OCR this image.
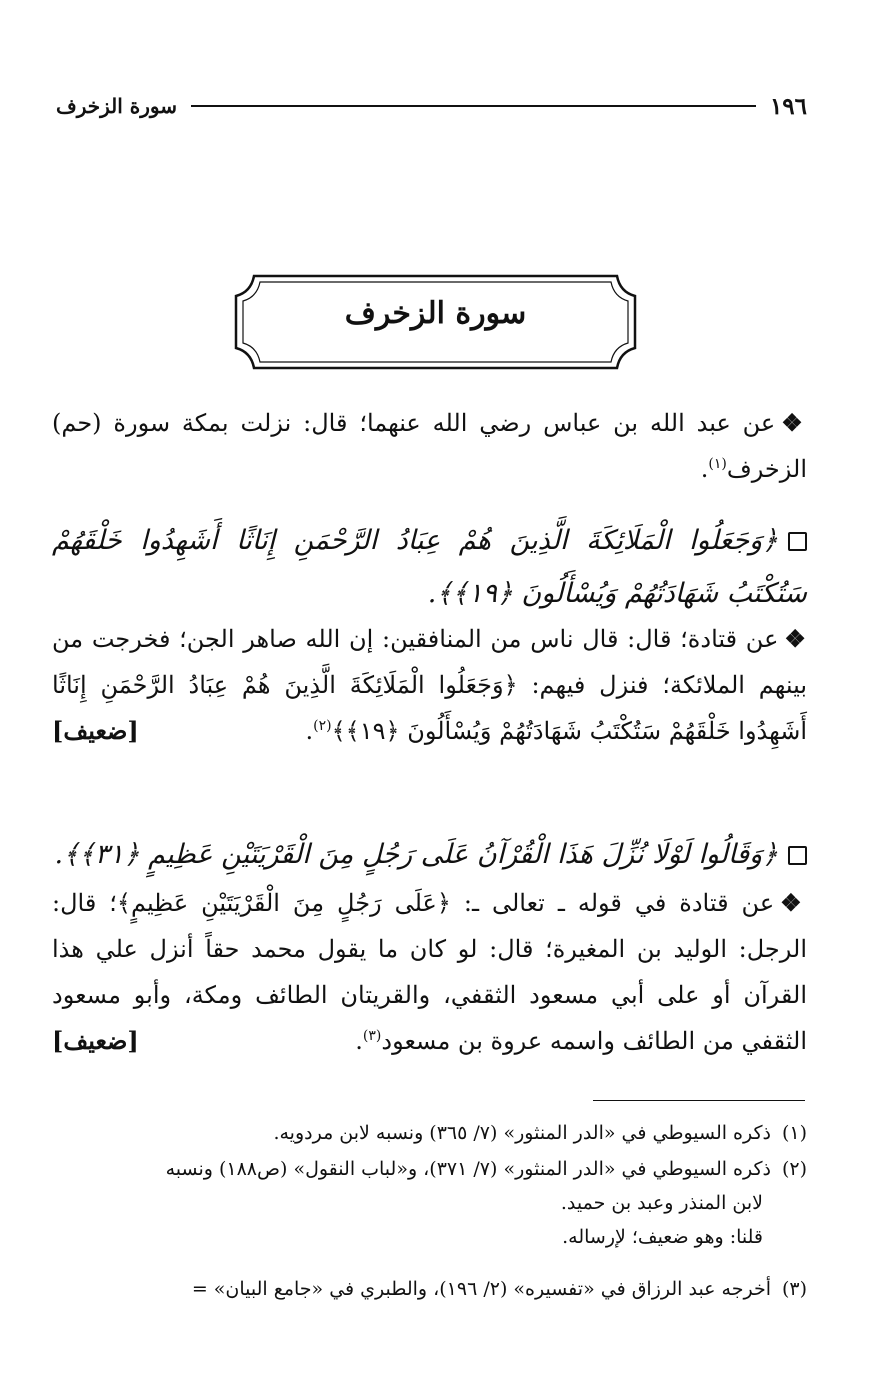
١٩٦
سورة الزخرف
سورة الزخرف
❖عن عبد الله بن عباس رضي الله عنهما؛ قال: نزلت بمكة سورة (حم) الزخرف$^{(١)}$.
﴿وَجَعَلُوا الْمَلَائِكَةَ الَّذِينَ هُمْ عِبَادُ الرَّحْمَنِ إِنَاثًا أَشَهِدُوا خَلْقَهُمْ سَتُكْتَبُ شَهَادَتُهُمْ وَيُسْأَلُونَ ﴿١٩﴾﴾.
❖عن قتادة؛ قال: قال ناس من المنافقين: إن الله صاهر الجن؛ فخرجت من بينهم الملائكة؛ فنزل فيهم: ﴿وَجَعَلُوا الْمَلَائِكَةَ الَّذِينَ هُمْ عِبَادُ الرَّحْمَنِ إِنَاثًا أَشَهِدُوا خَلْقَهُمْ سَتُكْتَبُ شَهَادَتُهُمْ وَيُسْأَلُونَ ﴿١٩﴾﴾$^{(٢)}$.
[ضعيف]
﴿وَقَالُوا لَوْلَا نُزِّلَ هَذَا الْقُرْآنُ عَلَى رَجُلٍ مِنَ الْقَرْيَتَيْنِ عَظِيمٍ ﴿٣١﴾﴾.
❖عن قتادة في قوله ـ تعالى ـ: ﴿عَلَى رَجُلٍ مِنَ الْقَرْيَتَيْنِ عَظِيمٍ﴾؛ قال: الرجل: الوليد بن المغيرة؛ قال: لو كان ما يقول محمد حقاً أنزل علي هذا القرآن أو على أبي مسعود الثقفي، والقريتان الطائف ومكة، وأبو مسعود الثقفي من الطائف واسمه عروة بن مسعود$^{(٣)}$.
[ضعيف]
(١)ذكره السيوطي في «الدر المنثور» (٧/ ٣٦٥) ونسبه لابن مردويه.
(٢)ذكره السيوطي في «الدر المنثور» (٧/ ٣٧١)، و«لباب النقول» (ص١٨٨) ونسبه
لابن المنذر وعبد بن حميد.
قلنا: وهو ضعيف؛ لإرساله.
(٣)أخرجه عبد الرزاق في «تفسيره» (٢/ ١٩٦)، والطبري في «جامع البيان» =
